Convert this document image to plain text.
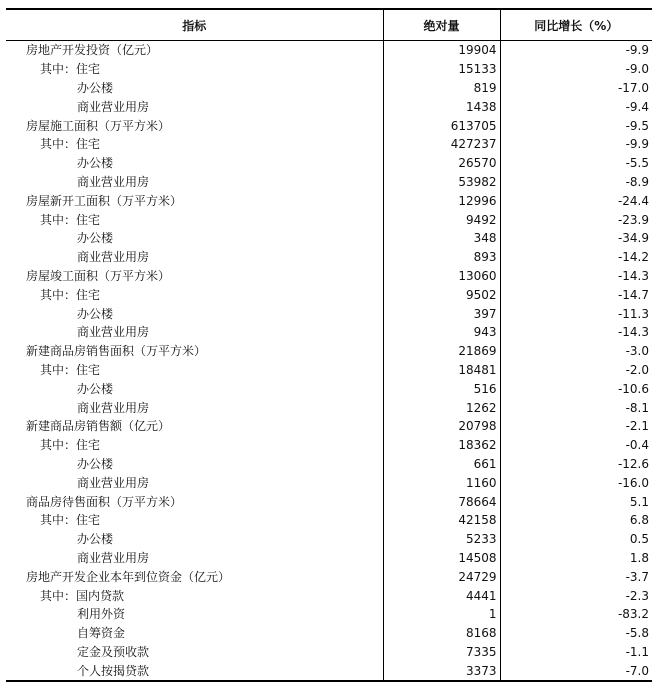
指标	绝对量	同比增长（%）
房地产开发投资（亿元）	19904	-9.9
其中：住宅	15133	-9.0
办公楼	819	-17.0
商业营业用房	1438	-9.4
房屋施工面积（万平方米）	613705	-9.5
其中：住宅	427237	-9.9
办公楼	26570	-5.5
商业营业用房	53982	-8.9
房屋新开工面积（万平方米）	12996	-24.4
其中：住宅	9492	-23.9
办公楼	348	-34.9
商业营业用房	893	-14.2
房屋竣工面积（万平方米）	13060	-14.3
其中：住宅	9502	-14.7
办公楼	397	-11.3
商业营业用房	943	-14.3
新建商品房销售面积（万平方米）	21869	-3.0
其中：住宅	18481	-2.0
办公楼	516	-10.6
商业营业用房	1262	-8.1
新建商品房销售额（亿元）	20798	-2.1
其中：住宅	18362	-0.4
办公楼	661	-12.6
商业营业用房	1160	-16.0
商品房待售面积（万平方米）	78664	5.1
其中：住宅	42158	6.8
办公楼	5233	0.5
商业营业用房	14508	1.8
房地产开发企业本年到位资金（亿元）	24729	-3.7
其中：国内贷款	4441	-2.3
利用外资	1	-83.2
自筹资金	8168	-5.8
定金及预收款	7335	-1.1
个人按揭贷款	3373	-7.0
